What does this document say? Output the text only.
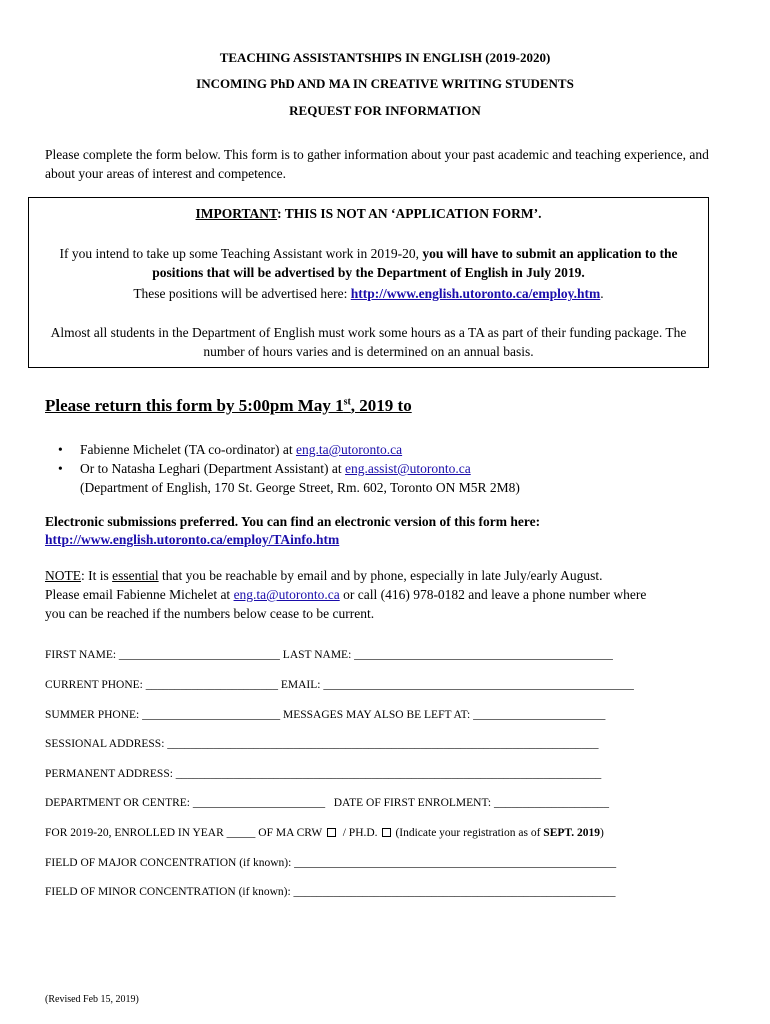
TEACHING ASSISTANTSHIPS IN ENGLISH (2019-2020)
INCOMING PhD AND MA IN CREATIVE WRITING STUDENTS
REQUEST FOR INFORMATION
Please complete the form below. This form is to gather information about your past academic and teaching experience, and about your areas of interest and competence.

IMPORTANT: THIS IS NOT AN ‘APPLICATION FORM’.

If you intend to take up some Teaching Assistant work in 2019-20, you will have to submit an application to the positions that will be advertised by the Department of English in July 2019.

These positions will be advertised here: http://www.english.utoronto.ca/employ.htm.

Almost all students in the Department of English must work some hours as a TA as part of their funding package. The number of hours varies and is determined on an annual basis.

Please return this form by 5:00pm May 1st, 2019 to
• Fabienne Michelet (TA co-ordinator) at eng.ta@utoronto.ca
• Or to Natasha Leghari (Department Assistant) at eng.assist@utoronto.ca
(Department of English, 170 St. George Street, Rm. 602, Toronto ON M5R 2M8)
Electronic submissions preferred. You can find an electronic version of this form here:
http://www.english.utoronto.ca/employ/TAinfo.htm
NOTE: It is essential that you be reachable by email and by phone, especially in late July/early August.
Please email Fabienne Michelet at eng.ta@utoronto.ca or call (416) 978-0182 and leave a phone number where
you can be reached if the numbers below cease to be current.
FIRST NAME: ____________________________ LAST NAME: _____________________________________________
CURRENT PHONE: _______________________ EMAIL: ______________________________________________________
SUMMER PHONE: ________________________ MESSAGES MAY ALSO BE LEFT AT: _______________________
SESSIONAL ADDRESS: ___________________________________________________________________________
PERMANENT ADDRESS: __________________________________________________________________________
DEPARTMENT OR CENTRE: _______________________ DATE OF FIRST ENROLMENT: ____________________
FOR 2019-20, ENROLLED IN YEAR _____ OF MA CRW / PH.D. (Indicate your registration as of SEPT. 2019)
FIELD OF MAJOR CONCENTRATION (if known): ________________________________________________________
FIELD OF MINOR CONCENTRATION (if known): ________________________________________________________
(Revised Feb 15, 2019)
